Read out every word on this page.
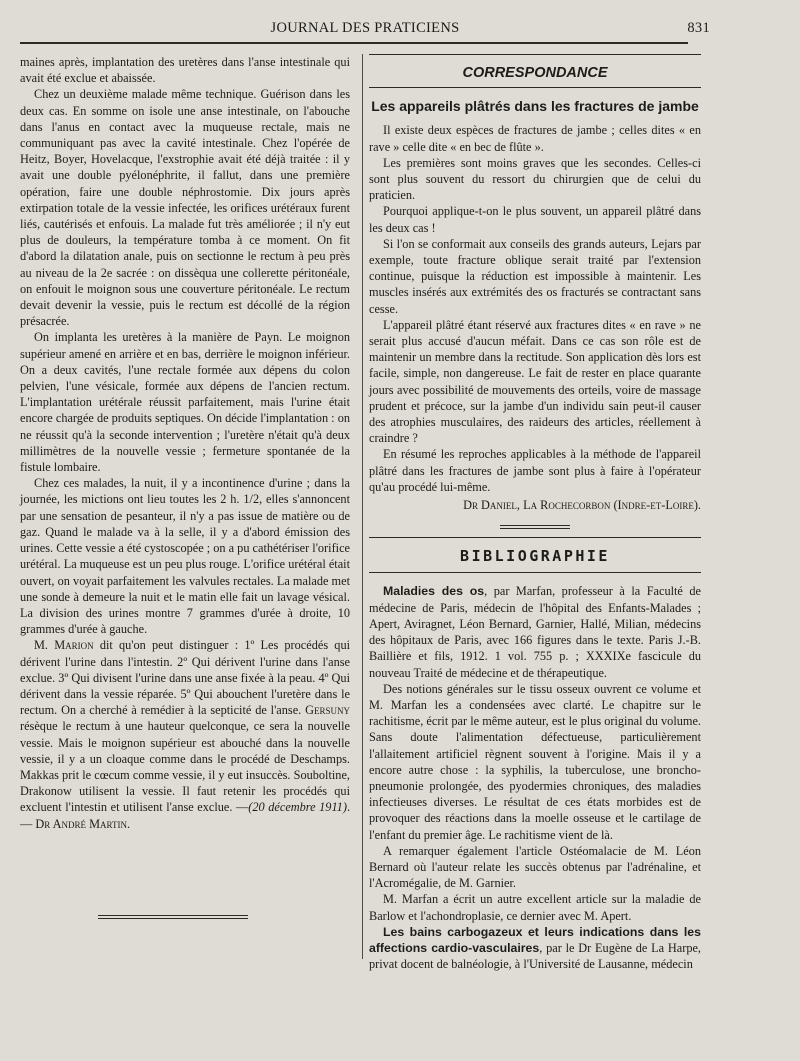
JOURNAL DES PRATICIENS	831

maines après, implantation des uretères dans l'anse intestinale qui avait été exclue et abaissée.

Chez un deuxième malade même technique. Guérison dans les deux cas. En somme on isole une anse intestinale, on l'abouche dans l'anus en contact avec la muqueuse rectale, mais ne communiquant pas avec la cavité intestinale. Chez l'opérée de Heitz, Boyer, Hovelacque, l'exstrophie avait été déjà traitée : il y avait une double pyélonéphrite, il fallut, dans une première opération, faire une double néphrostomie. Dix jours après extirpation totale de la vessie infectée, les orifices urétéraux furent liés, cautérisés et enfouis. La malade fut très améliorée ; il n'y eut plus de douleurs, la température tomba à ce moment. On fit d'abord la dilatation anale, puis on sectionne le rectum à peu près au niveau de la 2e sacrée : on dissèqua une collerette péritonéale, on enfouit le moignon sous une couverture péritonéale. Le rectum devait devenir la vessie, puis le rectum est décollé de la région présacrée.

On implanta les uretères à la manière de Payn. Le moignon supérieur amené en arrière et en bas, derrière le moignon inférieur. On a deux cavités, l'une rectale formée aux dépens du colon pelvien, l'une vésicale, formée aux dépens de l'ancien rectum. L'implantation urétérale réussit parfaitement, mais l'urine était encore chargée de produits septiques. On décide l'implantation : on ne réussit qu'à la seconde intervention ; l'uretère n'était qu'à deux millimètres de la nouvelle vessie ; fermeture spontanée de la fistule lombaire.

Chez ces malades, la nuit, il y a incontinence d'urine ; dans la journée, les mictions ont lieu toutes les 2 h. 1/2, elles s'annoncent par une sensation de pesanteur, il n'y a pas issue de matière ou de gaz. Quand le malade va à la selle, il y a d'abord émission des urines. Cette vessie a été cystoscopée ; on a pu cathétériser l'orifice urétéral. La muqueuse est un peu plus rouge. L'orifice urétéral était ouvert, on voyait parfaitement les valvules rectales. La malade met une sonde à demeure la nuit et le matin elle fait un lavage vésical. La division des urines montre 7 grammes d'urée à droite, 10 grammes d'urée à gauche.

M. Marion dit qu'on peut distinguer : 1º Les procédés qui dérivent l'urine dans l'intestin. 2º Qui dérivent l'urine dans l'anse exclue. 3º Qui divisent l'urine dans une anse fixée à la peau. 4º Qui dérivent dans la vessie réparée. 5º Qui abouchent l'uretère dans le rectum. On a cherché à remédier à la septicité de l'anse. Gersuny résèque le rectum à une hauteur quelconque, ce sera la nouvelle vessie. Mais le moignon supérieur est abouché dans la nouvelle vessie, il y a un cloaque comme dans le procédé de Deschamps. Makkas prit le cœcum comme vessie, il y eut insuccès. Souboltine, Drakonow utilisent la vessie. Il faut retenir les procédés qui excluent l'intestin et utilisent l'anse exclue. —(20 décembre 1911). — Dr André Martin.

CORRESPONDANCE

Les appareils plâtrés dans les fractures de jambe

Il existe deux espèces de fractures de jambe ; celles dites « en rave » celle dite « en bec de flûte ».

Les premières sont moins graves que les secondes. Celles-ci sont plus souvent du ressort du chirurgien que de celui du praticien.

Pourquoi applique-t-on le plus souvent, un appareil plâtré dans les deux cas !

Si l'on se conformait aux conseils des grands auteurs, Lejars par exemple, toute fracture oblique serait traité par l'extension continue, puisque la réduction est impossible à maintenir. Les muscles insérés aux extrémités des os fracturés se contractant sans cesse.

L'appareil plâtré étant réservé aux fractures dites « en rave » ne serait plus accusé d'aucun méfait. Dans ce cas son rôle est de maintenir un membre dans la rectitude. Son application dès lors est facile, simple, non dangereuse. Le fait de rester en place quarante jours avec possibilité de mouvements des orteils, voire de massage prudent et précoce, sur la jambe d'un individu sain peut-il causer des atrophies musculaires, des raideurs des articles, réellement à craindre ?

En résumé les reproches applicables à la méthode de l'appareil plâtré dans les fractures de jambe sont plus à faire à l'opérateur qu'au procédé lui-même.

Dr Daniel, La Rochecorbon (Indre-et-Loire).

BIBLIOGRAPHIE

Maladies des os, par Marfan, professeur à la Faculté de médecine de Paris, médecin de l'hôpital des Enfants-Malades ; Apert, Aviragnet, Léon Bernard, Garnier, Hallé, Milian, médecins des hôpitaux de Paris, avec 166 figures dans le texte. Paris J.-B. Baillière et fils, 1912. 1 vol. 755 p. ; XXXIXe fascicule du nouveau Traité de médecine et de thérapeutique.

Des notions générales sur le tissu osseux ouvrent ce volume et M. Marfan les a condensées avec clarté. Le chapitre sur le rachitisme, écrit par le même auteur, est le plus original du volume. Sans doute l'alimentation défectueuse, particulièrement l'allaitement artificiel règnent souvent à l'origine. Mais il y a encore autre chose : la syphilis, la tuberculose, une broncho-pneumonie prolongée, des pyodermies chroniques, des maladies infectieuses diverses. Le résultat de ces états morbides est de provoquer des réactions dans la moelle osseuse et le cartilage de l'enfant du premier âge. Le rachitisme vient de là.

A remarquer également l'article Ostéomalacie de M. Léon Bernard où l'auteur relate les succès obtenus par l'adrénaline, et l'Acromégalie, de M. Garnier.

M. Marfan a écrit un autre excellent article sur la maladie de Barlow et l'achondroplasie, ce dernier avec M. Apert.

Les bains carbogazeux et leurs indications dans les affections cardio-vasculaires, par le Dr Eugène de La Harpe, privat docent de balnéologie, à l'Université de Lausanne, médecin
